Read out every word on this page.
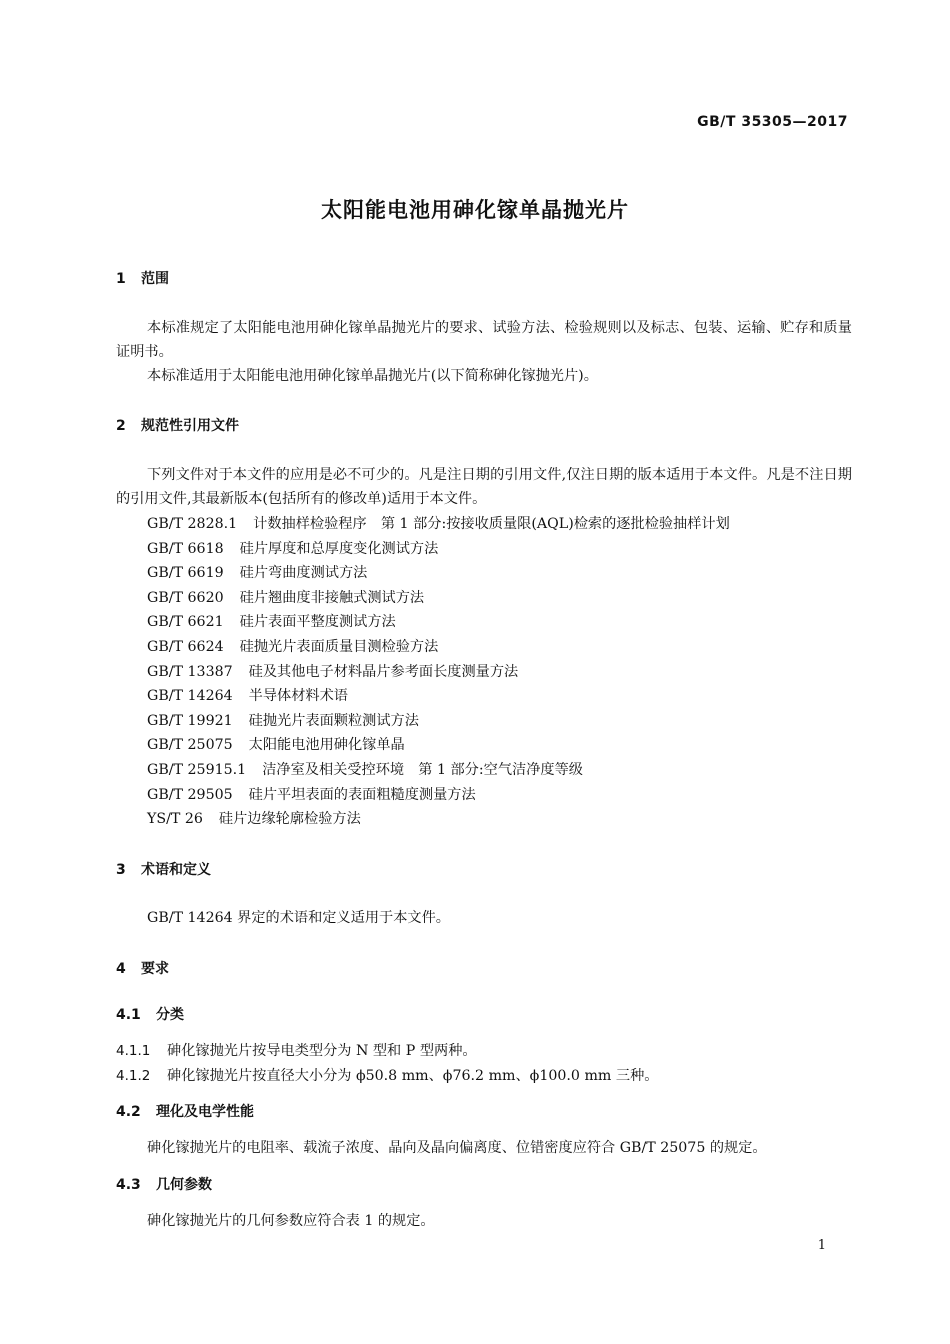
GB/T 35305—2017
太阳能电池用砷化镓单晶抛光片
1 范围
本标准规定了太阳能电池用砷化镓单晶抛光片的要求、试验方法、检验规则以及标志、包装、运输、贮存和质量证明书。
本标准适用于太阳能电池用砷化镓单晶抛光片(以下简称砷化镓抛光片)。
2 规范性引用文件
下列文件对于本文件的应用是必不可少的。凡是注日期的引用文件,仅注日期的版本适用于本文件。凡是不注日期的引用文件,其最新版本(包括所有的修改单)适用于本文件。
GB/T 2828.1 计数抽样检验程序　第 1 部分:按接收质量限(AQL)检索的逐批检验抽样计划
GB/T 6618 硅片厚度和总厚度变化测试方法
GB/T 6619 硅片弯曲度测试方法
GB/T 6620 硅片翘曲度非接触式测试方法
GB/T 6621 硅片表面平整度测试方法
GB/T 6624 硅抛光片表面质量目测检验方法
GB/T 13387 硅及其他电子材料晶片参考面长度测量方法
GB/T 14264 半导体材料术语
GB/T 19921 硅抛光片表面颗粒测试方法
GB/T 25075 太阳能电池用砷化镓单晶
GB/T 25915.1 洁净室及相关受控环境　第 1 部分:空气洁净度等级
GB/T 29505 硅片平坦表面的表面粗糙度测量方法
YS/T 26 硅片边缘轮廓检验方法
3 术语和定义
GB/T 14264 界定的术语和定义适用于本文件。
4 要求
4.1 分类
4.1.1 砷化镓抛光片按导电类型分为 N 型和 P 型两种。
4.1.2 砷化镓抛光片按直径大小分为 ϕ50.8 mm、ϕ76.2 mm、ϕ100.0 mm 三种。
4.2 理化及电学性能
砷化镓抛光片的电阻率、载流子浓度、晶向及晶向偏离度、位错密度应符合 GB/T 25075 的规定。
4.3 几何参数
砷化镓抛光片的几何参数应符合表 1 的规定。
1
